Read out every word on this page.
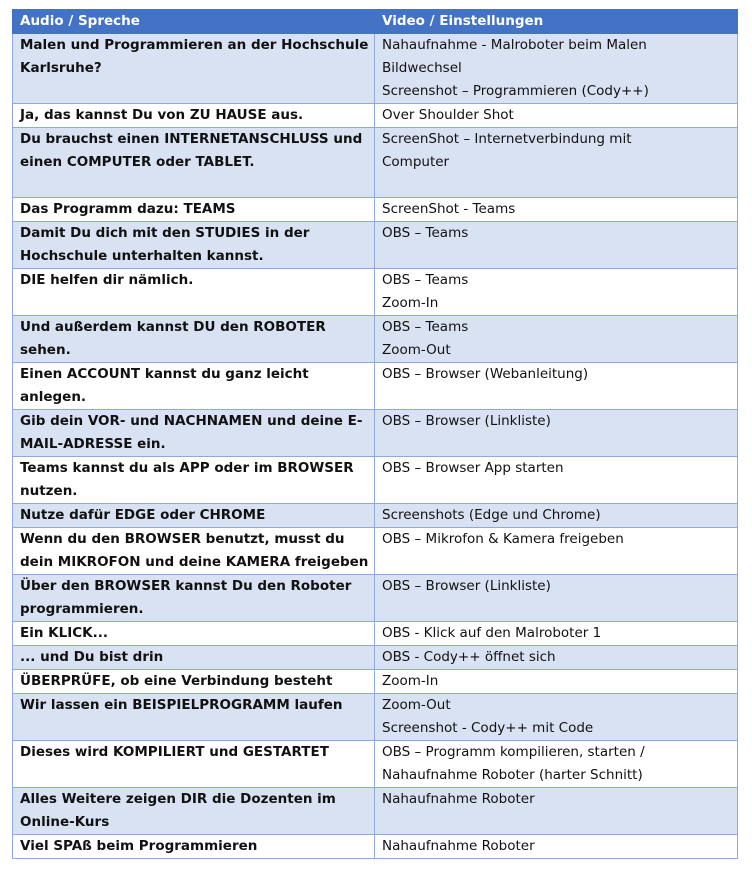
Audio / Spreche	Video / Einstellungen

Malen und Programmieren an der Hochschule
Karlsruhe?	Nahaufnahme - Malroboter beim Malen
Bildwechsel
Screenshot – Programmieren (Cody++)

Ja, das kannst Du von ZU HAUSE aus.	Over Shoulder Shot

Du brauchst einen INTERNETANSCHLUSS und
einen COMPUTER oder TABLET.	ScreenShot – Internetverbindung mit
Computer

Das Programm dazu: TEAMS	ScreenShot - Teams

Damit Du dich mit den STUDIES in der
Hochschule unterhalten kannst.	OBS – Teams

DIE helfen dir nämlich.	OBS – Teams
Zoom-In

Und außerdem kannst DU den ROBOTER
sehen.	OBS – Teams
Zoom-Out

Einen ACCOUNT kannst du ganz leicht
anlegen.	OBS – Browser (Webanleitung)

Gib dein VOR- und NACHNAMEN und deine E-
MAIL-ADRESSE ein.	OBS – Browser (Linkliste)

Teams kannst du als APP oder im BROWSER
nutzen.	OBS – Browser App starten

Nutze dafür EDGE oder CHROME	Screenshots (Edge und Chrome)

Wenn du den BROWSER benutzt, musst du
dein MIKROFON und deine KAMERA freigeben	OBS – Mikrofon & Kamera freigeben

Über den BROWSER kannst Du den Roboter
programmieren.	OBS – Browser (Linkliste)

Ein KLICK...	OBS - Klick auf den Malroboter 1

... und Du bist drin	OBS - Cody++ öffnet sich

ÜBERPRÜFE, ob eine Verbindung besteht	Zoom-In

Wir lassen ein BEISPIELPROGRAMM laufen	Zoom-Out
Screenshot - Cody++ mit Code

Dieses wird KOMPILIERT und GESTARTET	OBS – Programm kompilieren, starten /
Nahaufnahme Roboter (harter Schnitt)

Alles Weitere zeigen DIR die Dozenten im
Online-Kurs	Nahaufnahme Roboter

Viel SPAß beim Programmieren	Nahaufnahme Roboter
